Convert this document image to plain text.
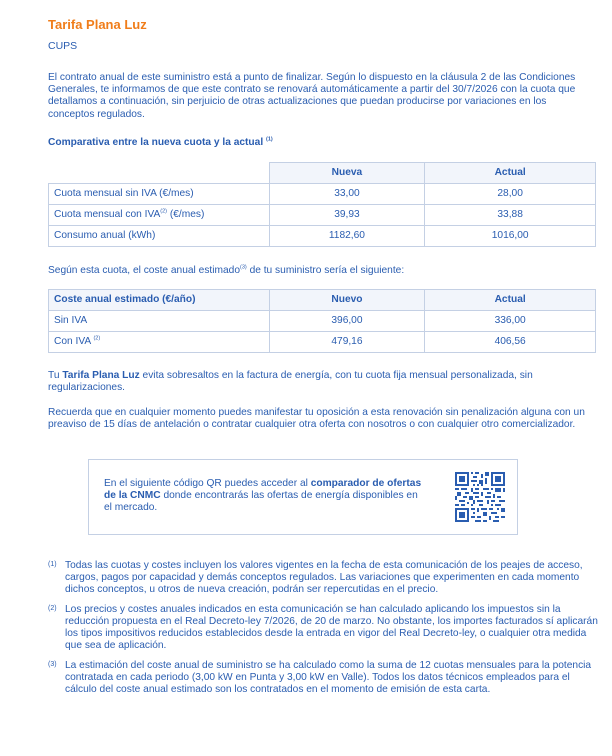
Tarifa Plana Luz
CUPS

El contrato anual de este suministro está a punto de finalizar. Según lo dispuesto en la cláusula 2 de las Condiciones Generales, te informamos de que este contrato se renovará automáticamente a partir del 30/7/2026 con la cuota que detallamos a continuación, sin perjuicio de otras actualizaciones que puedan producirse por variaciones en los conceptos regulados.

Comparativa entre la nueva cuota y la actual $^{(1)}$
	Nueva	Actual
Cuota mensual sin IVA (€/mes)	33,00	28,00
Cuota mensual con IVA$^{(2)}$ (€/mes)	39,93	33,88
Consumo anual (kWh)	1182,60	1016,00

Según esta cuota, el coste anual estimado$^{(3)}$ de tu suministro sería el siguiente:

Coste anual estimado (€/año)	Nuevo	Actual
Sin IVA	396,00	336,00
Con IVA $^{(2)}$	479,16	406,56

Tu Tarifa Plana Luz evita sobresaltos en la factura de energía, con tu cuota fija mensual personalizada, sin regularizaciones.

Recuerda que en cualquier momento puedes manifestar tu oposición a esta renovación sin penalización alguna con un preaviso de 15 días de antelación o contratar cualquier otra oferta con nosotros o con cualquier otro comercializador.

En el siguiente código QR puedes acceder al comparador de ofertas de la CNMC donde encontrarás las ofertas de energía disponibles en el mercado.

(1) Todas las cuotas y costes incluyen los valores vigentes en la fecha de esta comunicación de los peajes de acceso, cargos, pagos por capacidad y demás conceptos regulados. Las variaciones que experimenten en cada momento dichos conceptos, u otros de nueva creación, podrán ser repercutidas en el precio.
(2) Los precios y costes anuales indicados en esta comunicación se han calculado aplicando los impuestos sin la reducción propuesta en el Real Decreto-ley 7/2026, de 20 de marzo. No obstante, los importes facturados sí aplicarán los tipos impositivos reducidos establecidos desde la entrada en vigor del Real Decreto-ley, o cualquier otra medida que sea de aplicación.
(3) La estimación del coste anual de suministro se ha calculado como la suma de 12 cuotas mensuales para la potencia contratada en cada periodo (3,00 kW en Punta y 3,00 kW en Valle). Todos los datos técnicos empleados para el cálculo del coste anual estimado son los contratados en el momento de emisión de esta carta.
